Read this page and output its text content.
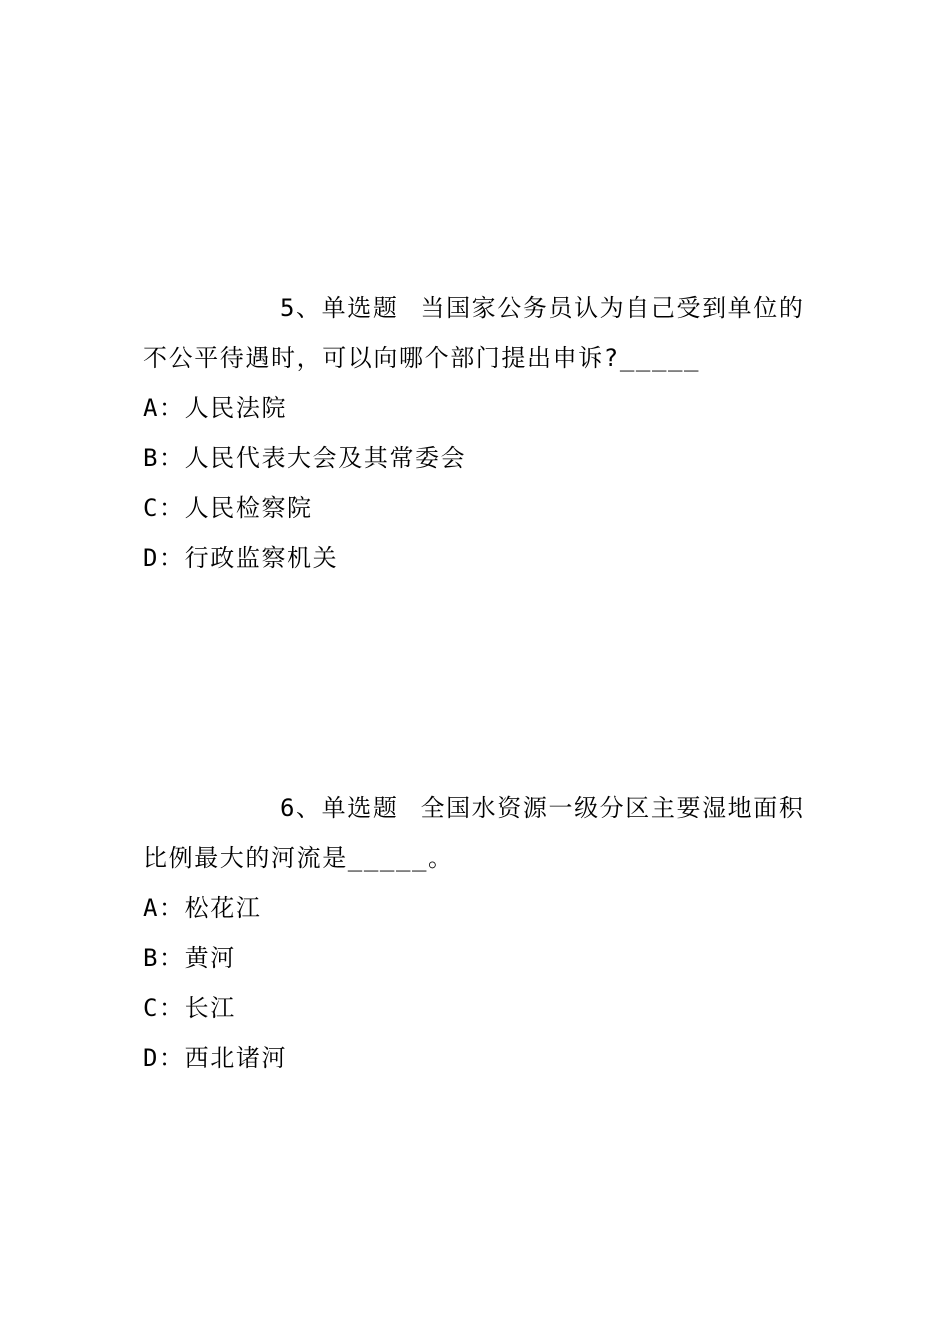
5、单选题 当国家公务员认为自己受到单位的不公平待遇时，可以向哪个部门提出申诉?_____

A：人民法院
B：人民代表大会及其常委会
C：人民检察院
D：行政监察机关

6、单选题 全国水资源一级分区主要湿地面积比例最大的河流是_____。

A：松花江
B：黄河
C：长江
D：西北诸河
